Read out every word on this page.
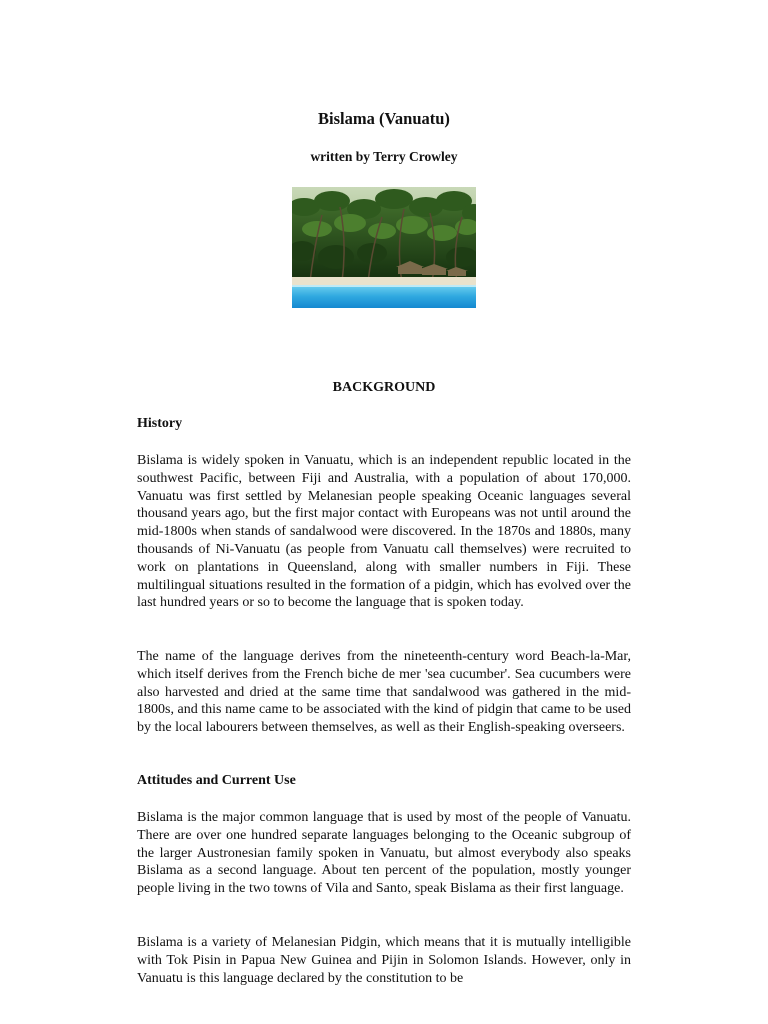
Bislama (Vanuatu)

written by Terry Crowley

BACKGROUND
History

Bislama is widely spoken in Vanuatu, which is an independent republic located in the southwest Pacific, between Fiji and Australia, with a population of about 170,000. Vanuatu was first settled by Melanesian people speaking Oceanic languages several thousand years ago, but the first major contact with Europeans was not until around the mid-1800s when stands of sandalwood were discovered. In the 1870s and 1880s, many thousands of Ni-Vanuatu (as people from Vanuatu call themselves) were recruited to work on plantations in Queensland, along with smaller numbers in Fiji. These multilingual situations resulted in the formation of a pidgin, which has evolved over the last hundred years or so to become the language that is spoken today.

The name of the language derives from the nineteenth-century word Beach-la-Mar, which itself derives from the French biche de mer 'sea cucumber'. Sea cucumbers were also harvested and dried at the same time that sandalwood was gathered in the mid-1800s, and this name came to be associated with the kind of pidgin that came to be used by the local labourers between themselves, as well as their English-speaking overseers.

Attitudes and Current Use

Bislama is the major common language that is used by most of the people of Vanuatu. There are over one hundred separate languages belonging to the Oceanic subgroup of the larger Austronesian family spoken in Vanuatu, but almost everybody also speaks Bislama as a second language. About ten percent of the population, mostly younger people living in the two towns of Vila and Santo, speak Bislama as their first language.

Bislama is a variety of Melanesian Pidgin, which means that it is mutually intelligible with Tok Pisin in Papua New Guinea and Pijin in Solomon Islands. However, only in Vanuatu is this language declared by the constitution to be
